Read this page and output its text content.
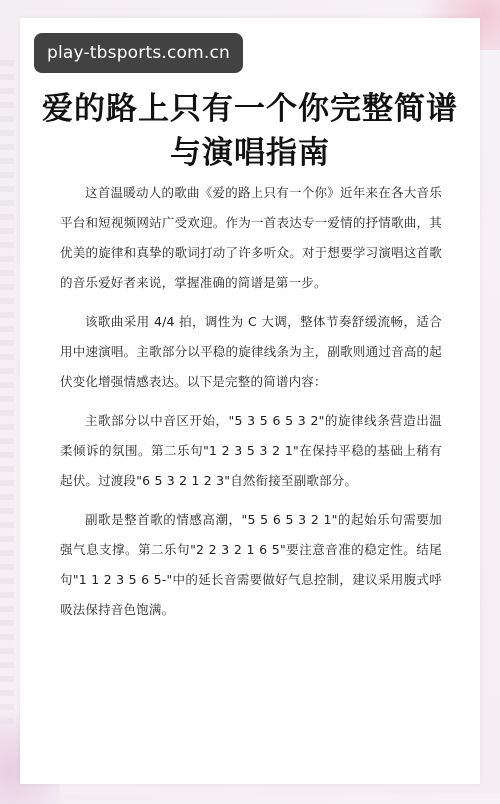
爱的路上只有一个你完整简谱
与演唱指南

这首温暖动人的歌曲《爱的路上只有一个你》近年来在各大音乐平台和短视频网站广受欢迎。作为一首表达专一爱情的抒情歌曲，其优美的旋律和真挚的歌词打动了许多听众。对于想要学习演唱这首歌的音乐爱好者来说，掌握准确的简谱是第一步。

该歌曲采用 4/4 拍，调性为 C 大调，整体节奏舒缓流畅，适合用中速演唱。主歌部分以平稳的旋律线条为主，副歌则通过音高的起伏变化增强情感表达。以下是完整的简谱内容：

主歌部分以中音区开始，"5 3 5 6 5 3 2"的旋律线条营造出温柔倾诉的氛围。第二乐句"1 2 3 5 3 2 1"在保持平稳的基础上稍有起伏。过渡段"6 5 3 2 1 2 3"自然衔接至副歌部分。

副歌是整首歌的情感高潮，"5 5 6 5 3 2 1"的起始乐句需要加强气息支撑。第二乐句"2 2 3 2 1 6 5"要注意音准的稳定性。结尾句"1 1 2 3 5 6 5-"中的延长音需要做好气息控制，建议采用腹式呼吸法保持音色饱满。

play-tbsports.com.cn
